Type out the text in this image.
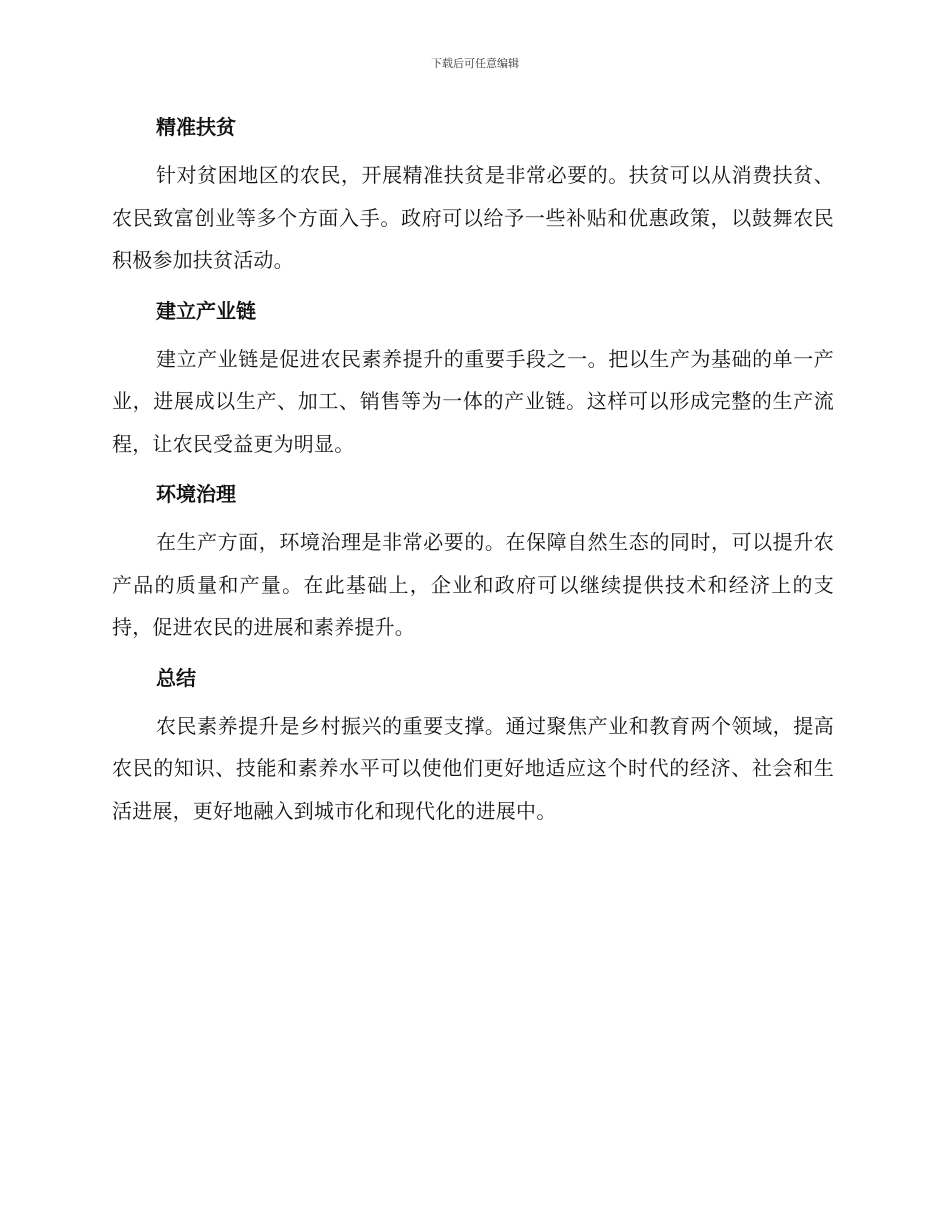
下载后可任意编辑
精准扶贫

针对贫困地区的农民，开展精准扶贫是非常必要的。扶贫可以从消费扶贫、农民致富创业等多个方面入手。政府可以给予一些补贴和优惠政策，以鼓舞农民积极参加扶贫活动。

建立产业链

建立产业链是促进农民素养提升的重要手段之一。把以生产为基础的单一产业，进展成以生产、加工、销售等为一体的产业链。这样可以形成完整的生产流程，让农民受益更为明显。

环境治理

在生产方面，环境治理是非常必要的。在保障自然生态的同时，可以提升农产品的质量和产量。在此基础上，企业和政府可以继续提供技术和经济上的支持，促进农民的进展和素养提升。

总结

农民素养提升是乡村振兴的重要支撑。通过聚焦产业和教育两个领域，提高农民的知识、技能和素养水平可以使他们更好地适应这个时代的经济、社会和生活进展，更好地融入到城市化和现代化的进展中。
